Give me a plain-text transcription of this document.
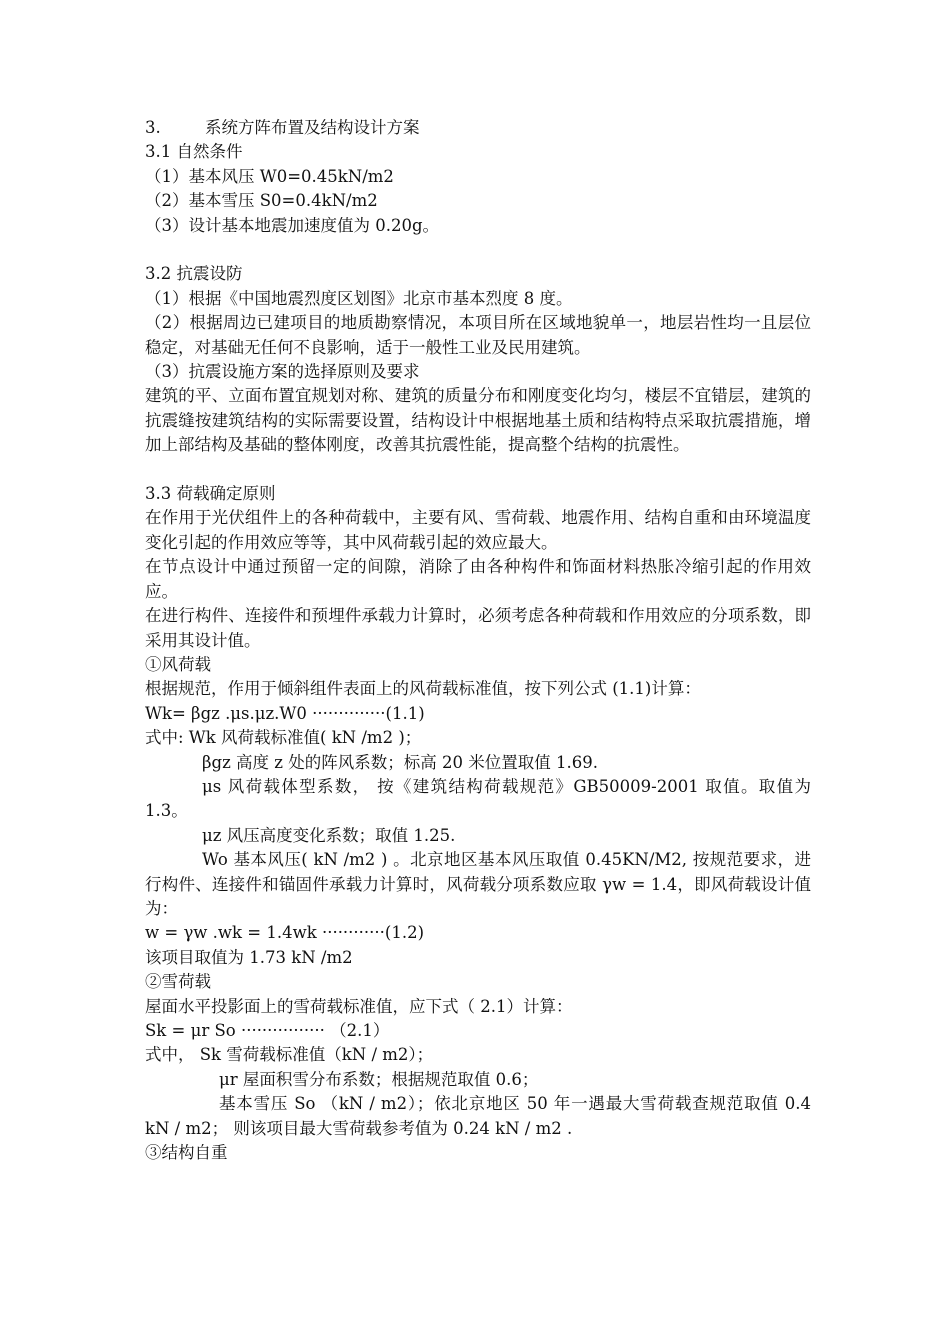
3.	系统方阵布置及结构设计方案
3.1 自然条件
（1）基本风压 W0=0.45kN/m2
（2）基本雪压 S0=0.4kN/m2
（3）设计基本地震加速度值为 0.20g。
3.2 抗震设防
（1）根据《中国地震烈度区划图》北京市基本烈度 8 度。
（2）根据周边已建项目的地质勘察情况，本项目所在区域地貌单一，地层岩性均一且层位稳定，对基础无任何不良影响，适于一般性工业及民用建筑。
（3）抗震设施方案的选择原则及要求
建筑的平、立面布置宜规划对称、建筑的质量分布和刚度变化均匀，楼层不宜错层，建筑的抗震缝按建筑结构的实际需要设置，结构设计中根据地基土质和结构特点采取抗震措施，增加上部结构及基础的整体刚度，改善其抗震性能，提高整个结构的抗震性。
3.3 荷载确定原则
在作用于光伏组件上的各种荷载中，主要有风、雪荷载、地震作用、结构自重和由环境温度变化引起的作用效应等等，其中风荷载引起的效应最大。
在节点设计中通过预留一定的间隙，消除了由各种构件和饰面材料热胀冷缩引起的作用效应。
在进行构件、连接件和预埋件承载力计算时，必须考虑各种荷载和作用效应的分项系数，即采用其设计值。
①风荷载
根据规范，作用于倾斜组件表面上的风荷载标准值，按下列公式 (1.1)计算：
Wk= βgz .μs.μz.W0 ··············(1.1)
式中: Wk 风荷载标准值( kN /m2 )；
βgz 高度 z 处的阵风系数；标高 20 米位置取值 1.69.
μs 风荷载体型系数， 按《建筑结构荷载规范》GB50009-2001 取值。取值为 1.3。
μz 风压高度变化系数；取值 1.25.
Wo 基本风压( kN /m2 ) 。北京地区基本风压取值 0.45KN/M2, 按规范要求，进行构件、连接件和锚固件承载力计算时，风荷载分项系数应取 γw = 1.4，即风荷载设计值为：
w = γw .wk = 1.4wk ············(1.2)
该项目取值为 1.73 kN /m2
②雪荷载
屋面水平投影面上的雪荷载标准值，应下式（ 2.1）计算：
Sk = μr So ················ （2.1）
式中， Sk 雪荷载标准值（kN / m2）；
μr 屋面积雪分布系数；根据规范取值 0.6；
基本雪压 So （kN / m2）；依北京地区 50 年一遇最大雪荷载查规范取值 0.4 kN / m2； 则该项目最大雪荷载参考值为 0.24 kN / m2 .
③结构自重
